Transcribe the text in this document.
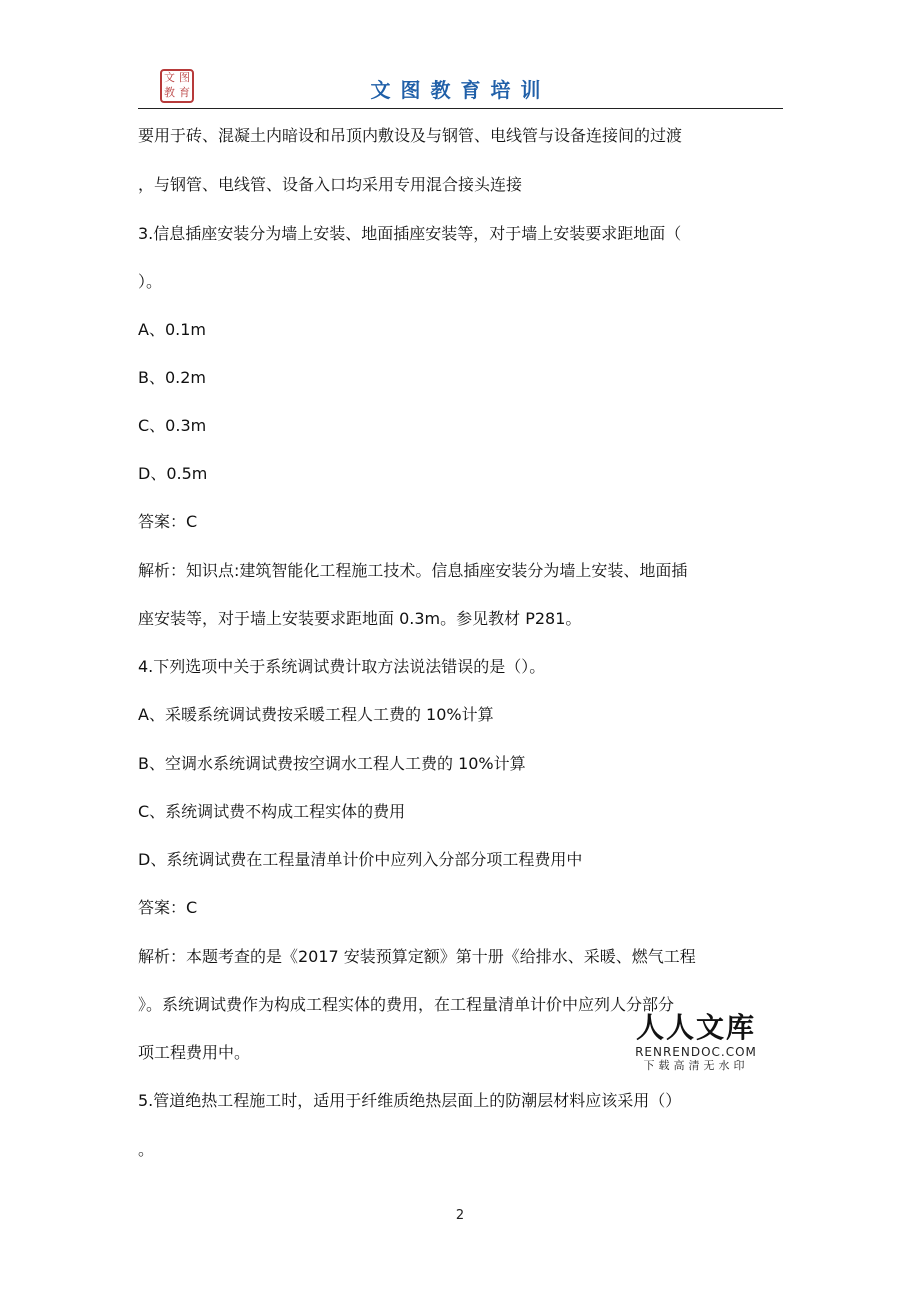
文 图
教 育	文图教育培训
要用于砖、混凝土内暗设和吊顶内敷设及与钢管、电线管与设备连接间的过渡
，与钢管、电线管、设备入口均采用专用混合接头连接
3.信息插座安装分为墙上安装、地面插座安装等，对于墙上安装要求距地面（
）。
A、0.1m
B、0.2m
C、0.3m
D、0.5m
答案：C
解析：知识点:建筑智能化工程施工技术。信息插座安装分为墙上安装、地面插
座安装等，对于墙上安装要求距地面 0.3m。参见教材 P281。
4.下列选项中关于系统调试费计取方法说法错误的是（）。
A、采暖系统调试费按采暖工程人工费的 10%计算
B、空调水系统调试费按空调水工程人工费的 10%计算
C、系统调试费不构成工程实体的费用
D、系统调试费在工程量清单计价中应列入分部分项工程费用中
答案：C
解析：本题考查的是《2017 安装预算定额》第十册《给排水、采暖、燃气工程
》。系统调试费作为构成工程实体的费用，在工程量清单计价中应列人分部分
项工程费用中。
5.管道绝热工程施工时，适用于纤维质绝热层面上的防潮层材料应该采用（）
。
人人文库
RENRENDOC.COM
下载高清无水印
2
